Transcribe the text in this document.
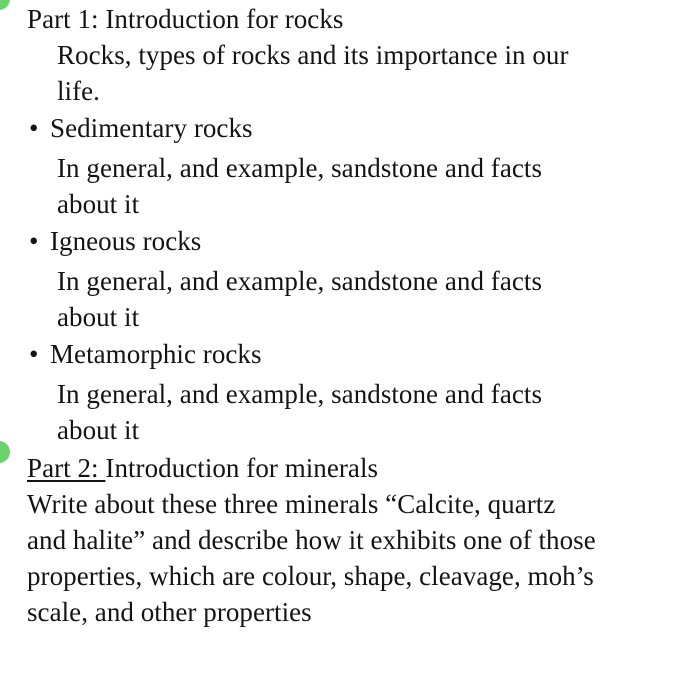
Part 1: Introduction for rocks
Rocks, types of rocks and its importance in our
life.
• Sedimentary rocks
In general, and example, sandstone and facts
about it
• Igneous rocks
In general, and example, sandstone and facts
about it
• Metamorphic rocks
In general, and example, sandstone and facts
about it
Part 2: Introduction for minerals
Write about these three minerals “Calcite, quartz
and halite” and describe how it exhibits one of those
properties, which are colour, shape, cleavage, moh’s
scale, and other properties
